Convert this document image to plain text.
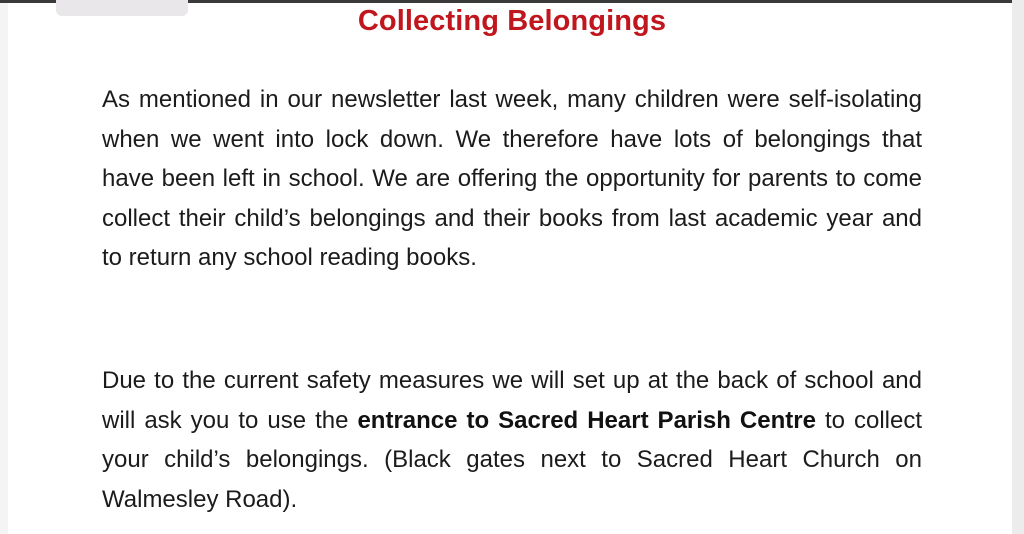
Collecting Belongings

As mentioned in our newsletter last week, many children were self-isolating when we went into lock down. We therefore have lots of belongings that have been left in school. We are offering the opportunity for parents to come collect their child’s belongings and their books from last academic year and to return any school reading books.

Due to the current safety measures we will set up at the back of school and will ask you to use the entrance to Sacred Heart Parish Centre to collect your child’s belongings. (Black gates next to Sacred Heart Church on Walmesley Road).
